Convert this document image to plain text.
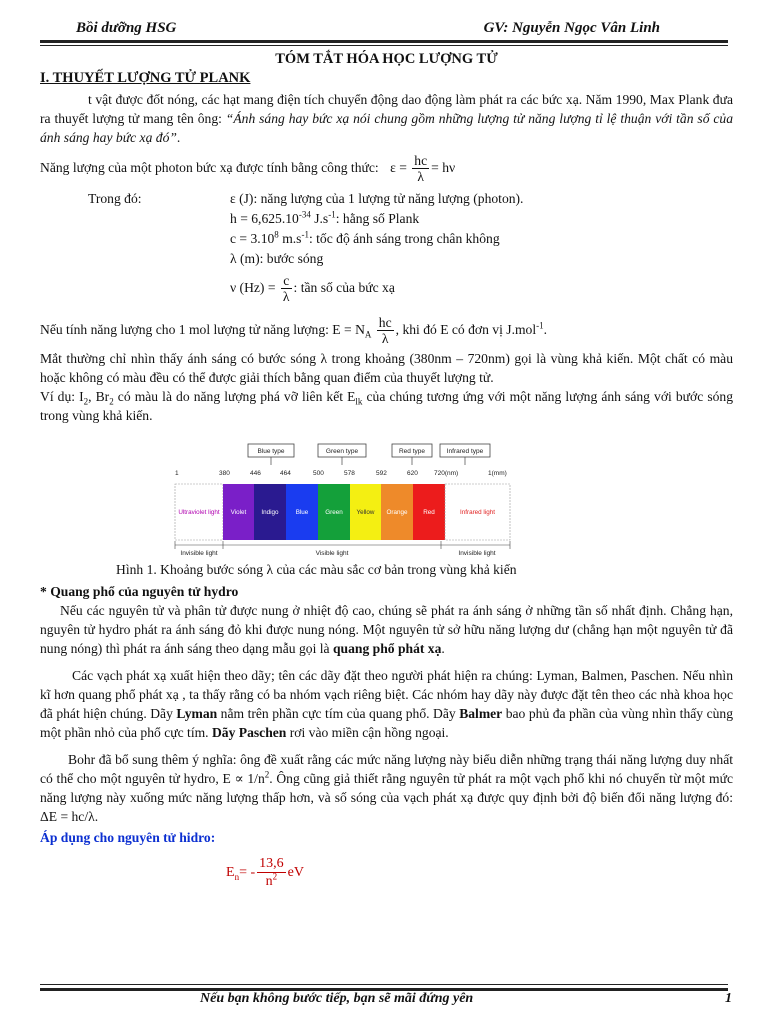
Bồi dưỡng HSG	GV: Nguyễn Ngọc Vân Linh

TÓM TẮT HÓA HỌC LƯỢNG TỬ

I. THUYẾT LƯỢNG TỬ PLANK

t vật được đốt nóng, các hạt mang điện tích chuyển động dao động làm phát ra các bức xạ. Năm 1990, Max Plank đưa ra thuyết lượng tử mang tên ông: “Ánh sáng hay bức xạ nói chung gồm những lượng tử năng lượng tỉ lệ thuận với tần số của ánh sáng hay bức xạ đó”.

Năng lượng của một photon bức xạ được tính bằng công thức: $\varepsilon = \frac{hc}{\lambda} = h\nu$

Trong đó:	ε (J): năng lượng của 1 lượng tử năng lượng (photon).
$h = 6,625.10^{-34}$ $J.s^{-1}$: hằng số Plank
$c = 3.10^8$ $m.s^{-1}$: tốc độ ánh sáng trong chân không
λ (m): bước sóng
ν $(Hz) = \frac{c}{\lambda}$ : tần số của bức xạ

Nếu tính năng lượng cho 1 mol lượng tử năng lượng: $E = N_A \frac{hc}{\lambda}$ , khi đó E có đơn vị J.mol$^{-1}$.

Mắt thường chỉ nhìn thấy ánh sáng có bước sóng λ trong khoảng (380nm – 720nm) gọi là vùng khả kiến. Một chất có màu hoặc không có màu đều có thể được giải thích bằng quan điểm của thuyết lượng tử.

Ví dụ: $I_2$, $Br_2$ có màu là do năng lượng phá vỡ liên kết $E_{lk}$ của chúng tương ứng với một năng lượng ánh sáng với bước sóng trong vùng khả kiến.

Blue type	Green type	Red type	Infrared type
1	380	446	464	500	578	592	620 720(nm)	1(mm)
Ultraviolet light Violet Indigo	Blue	Green Yellow Orange Red	Infrared light
Invisible light	Visible light	Invisible light
Hình 1. Khoảng bước sóng λ của các màu sắc cơ bản trong vùng khả kiến

* Quang phổ của nguyên tử hydro

Nếu các nguyên tử và phân tử được nung ở nhiệt độ cao, chúng sẽ phát ra ánh sáng ở những tần số nhất định. Chẳng hạn, nguyên tử hydro phát ra ánh sáng đỏ khi được nung nóng. Một nguyên tử sở hữu năng lượng dư (chẳng hạn một nguyên tử đã nung nóng) thì phát ra ánh sáng theo dạng mẫu gọi là quang phổ phát xạ.

Các vạch phát xạ xuất hiện theo dãy; tên các dãy đặt theo người phát hiện ra chúng: Lyman, Balmen, Paschen. Nếu nhìn kĩ hơn quang phổ phát xạ , ta thấy rằng có ba nhóm vạch riêng biệt. Các nhóm hay dãy này được đặt tên theo các nhà khoa học đã phát hiện chúng. Dãy Lyman nằm trên phần cực tím của quang phổ. Dãy Balmer bao phủ đa phần của vùng nhìn thấy cùng một phần nhỏ của phổ cực tím. Dãy Paschen rơi vào miền cận hồng ngoại.

Bohr đã bổ sung thêm ý nghĩa: ông đề xuất rằng các mức năng lượng này biểu diễn những trạng thái năng lượng duy nhất có thể cho một nguyên tử hydro, $E \propto 1/n^2$. Ông cũng giả thiết rằng nguyên tử phát ra một vạch phổ khi nó chuyển từ một mức năng lượng này xuống mức năng lượng thấp hơn, và số sóng của vạch phát xạ được quy định bởi độ biến đổi năng lượng đó: ΔE = hc/λ.

Áp dụng cho nguyên tử hidro:

$E_n= - \frac{13,6}{n^2}$ eV
Nếu bạn không bước tiếp, bạn sẽ mãi đứng yên	1
